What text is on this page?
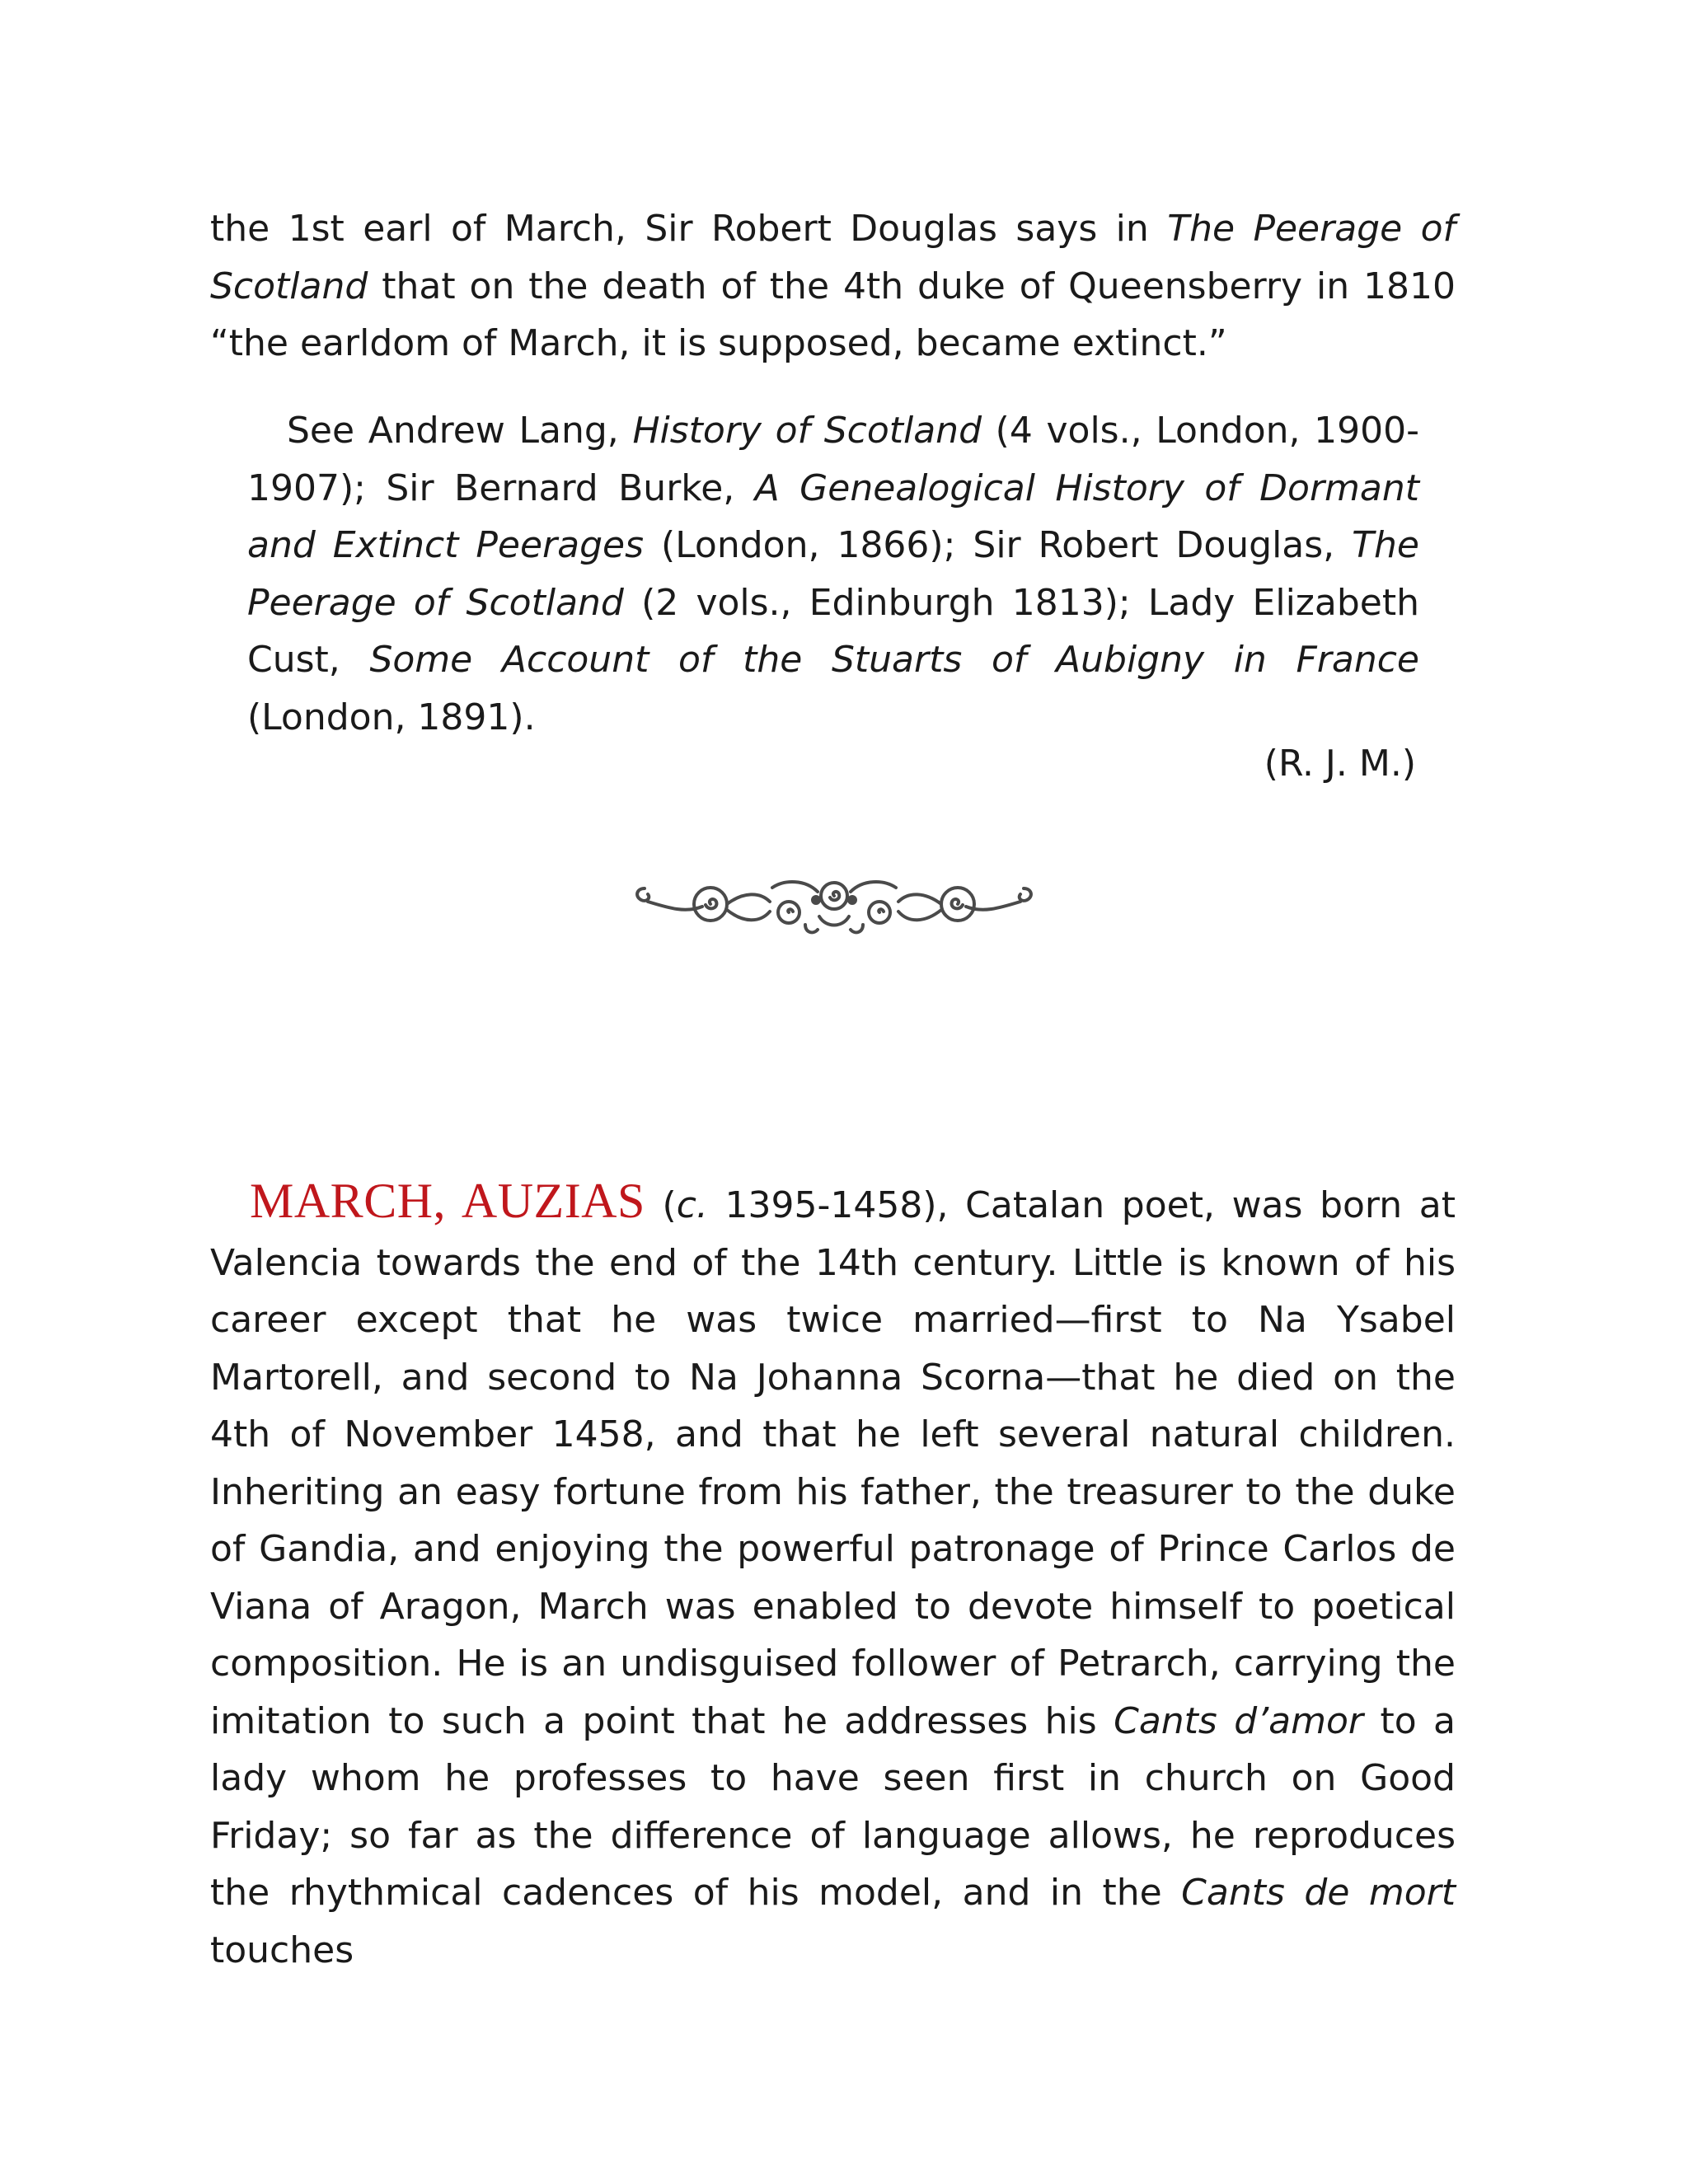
the 1st earl of March, Sir Robert Douglas says in The Peerage of Scotland that on the death of the 4th duke of Queensberry in 1810 “the earldom of March, it is supposed, became extinct.”

See Andrew Lang, History of Scotland (4 vols., London, 1900-1907); Sir Bernard Burke, A Genealogical History of Dormant and Extinct Peerages (London, 1866); Sir Robert Douglas, The Peerage of Scotland (2 vols., Edinburgh 1813); Lady Elizabeth Cust, Some Account of the Stuarts of Aubigny in France (London, 1891).

(R. J. M.)

MARCH, AUZIAS (c. 1395-1458), Catalan poet, was born at Valencia towards the end of the 14th century. Little is known of his career except that he was twice married—first to Na Ysabel Martorell, and second to Na Johanna Scorna—that he died on the 4th of November 1458, and that he left several natural children. Inheriting an easy fortune from his father, the treasurer to the duke of Gandia, and enjoying the powerful patronage of Prince Carlos de Viana of Aragon, March was enabled to devote himself to poetical composition. He is an undisguised follower of Petrarch, carrying the imitation to such a point that he addresses his Cants d’amor to a lady whom he professes to have seen first in church on Good Friday; so far as the difference of language allows, he reproduces the rhythmical cadences of his model, and in the Cants de mort touches
